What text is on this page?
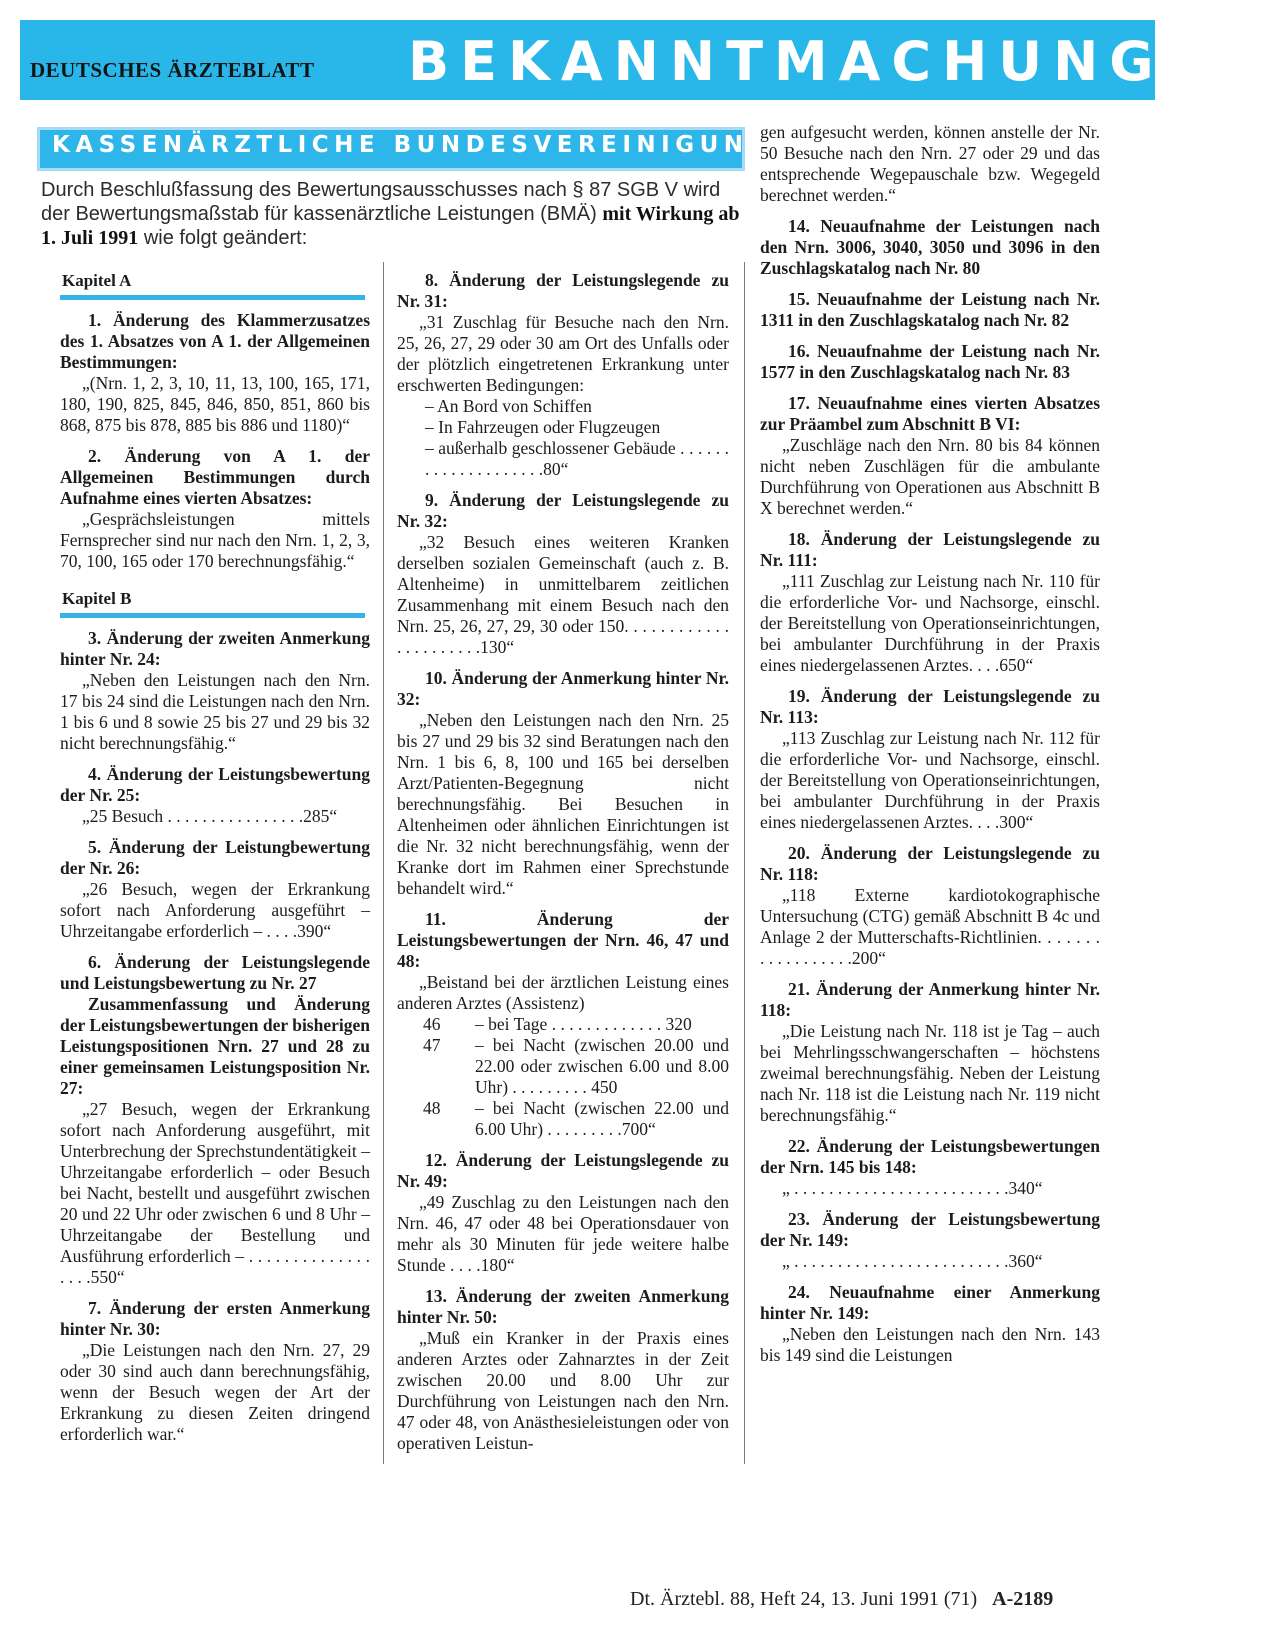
DEUTSCHES ÄRZTEBLATT BEKANNTMACHUNGEN
KASSENÄRZTLICHE BUNDESVEREINIGUNG
Durch Beschlußfassung des Bewertungsausschusses nach § 87 SGB V wird der Bewertungsmaßstab für kassenärztliche Leistungen (BMÄ) mit Wirkung ab 1. Juli 1991 wie folgt geändert:
Kapitel A

1. Änderung des Klammerzusatzes des 1. Absatzes von A 1. der Allgemeinen Bestimmungen:

„(Nrn. 1, 2, 3, 10, 11, 13, 100, 165, 171, 180, 190, 825, 845, 846, 850, 851, 860 bis 868, 875 bis 878, 885 bis 886 und 1180)“

2. Änderung von A 1. der Allgemeinen Bestimmungen durch Aufnahme eines vierten Absatzes:

„Gesprächsleistungen mittels Fernsprecher sind nur nach den Nrn. 1, 2, 3, 70, 100, 165 oder 170 berechnungsfähig.“

Kapitel B

3. Änderung der zweiten Anmerkung hinter Nr. 24:

„Neben den Leistungen nach den Nrn. 17 bis 24 sind die Leistungen nach den Nrn. 1 bis 6 und 8 sowie 25 bis 27 und 29 bis 32 nicht berechnungsfähig.“

4. Änderung der Leistungsbewertung der Nr. 25:

„25 Besuch . . . . . . . . . . . . . . . .285“

5. Änderung der Leistungbewertung der Nr. 26:

„26 Besuch, wegen der Erkrankung sofort nach Anforderung ausgeführt – Uhrzeitangabe erforderlich – . . . .390“

6. Änderung der Leistungslegende und Leistungsbewertung zu Nr. 27

Zusammenfassung und Änderung der Leistungsbewertungen der bisherigen Leistungspositionen Nrn. 27 und 28 zu einer gemeinsamen Leistungsposition Nr. 27:

„27 Besuch, wegen der Erkrankung sofort nach Anforderung ausgeführt, mit Unterbrechung der Sprechstundentätigkeit – Uhrzeitangabe erforderlich – oder Besuch bei Nacht, bestellt und ausgeführt zwischen 20 und 22 Uhr oder zwischen 6 und 8 Uhr – Uhrzeitangabe der Bestellung und Ausführung erforderlich – . . . . . . . . . . . . . . . . . .550“

7. Änderung der ersten Anmerkung hinter Nr. 30:

„Die Leistungen nach den Nrn. 27, 29 oder 30 sind auch dann berechnungsfähig, wenn der Besuch wegen der Art der Erkrankung zu diesen Zeiten dringend erforderlich war.“

8. Änderung der Leistungslegende zu Nr. 31:

„31 Zuschlag für Besuche nach den Nrn. 25, 26, 27, 29 oder 30 am Ort des Unfalls oder der plötzlich eingetretenen Erkrankung unter erschwerten Bedingungen:

– An Bord von Schiffen

– In Fahrzeugen oder Flugzeugen

– außerhalb geschlossener Gebäude . . . . . . . . . . . . . . . . . . . .80“

9. Änderung der Leistungslegende zu Nr. 32:

„32 Besuch eines weiteren Kranken derselben sozialen Gemeinschaft (auch z. B. Altenheime) in unmittelbarem zeitlichen Zusammenhang mit einem Besuch nach den Nrn. 25, 26, 27, 29, 30 oder 150. . . . . . . . . . . . . . . . . . . . . .130“

10. Änderung der Anmerkung hinter Nr. 32:

„Neben den Leistungen nach den Nrn. 25 bis 27 und 29 bis 32 sind Beratungen nach den Nrn. 1 bis 6, 8, 100 und 165 bei derselben Arzt/Patienten-Begegnung nicht berechnungsfähig. Bei Besuchen in Altenheimen oder ähnlichen Einrichtungen ist die Nr. 32 nicht berechnungsfähig, wenn der Kranke dort im Rahmen einer Sprechstunde behandelt wird.“

11. Änderung der Leistungsbewertungen der Nrn. 46, 47 und 48:

„Beistand bei der ärztlichen Leistung eines anderen Arztes (Assistenz)

46	– bei Tage . . . . . . . . . . . . . 320
47	– bei Nacht (zwischen 20.00 und 22.00 oder zwischen 6.00 und 8.00 Uhr) . . . . . . . . . 450
48	– bei Nacht (zwischen 22.00 und 6.00 Uhr) . . . . . . . . .700“

12. Änderung der Leistungslegende zu Nr. 49:

„49 Zuschlag zu den Leistungen nach den Nrn. 46, 47 oder 48 bei Operationsdauer von mehr als 30 Minuten für jede weitere halbe Stunde . . . .180“

13. Änderung der zweiten Anmerkung hinter Nr. 50:

„Muß ein Kranker in der Praxis eines anderen Arztes oder Zahnarztes in der Zeit zwischen 20.00 und 8.00 Uhr zur Durchführung von Leistungen nach den Nrn. 47 oder 48, von Anästhesieleistungen oder von operativen Leistun-

gen aufgesucht werden, können anstelle der Nr. 50 Besuche nach den Nrn. 27 oder 29 und das entsprechende Wegepauschale bzw. Wegegeld berechnet werden.“

14. Neuaufnahme der Leistungen nach den Nrn. 3006, 3040, 3050 und 3096 in den Zuschlagskatalog nach Nr. 80

15. Neuaufnahme der Leistung nach Nr. 1311 in den Zuschlagskatalog nach Nr. 82

16. Neuaufnahme der Leistung nach Nr. 1577 in den Zuschlagskatalog nach Nr. 83

17. Neuaufnahme eines vierten Absatzes zur Präambel zum Abschnitt B VI:

„Zuschläge nach den Nrn. 80 bis 84 können nicht neben Zuschlägen für die ambulante Durchführung von Operationen aus Abschnitt B X berechnet werden.“

18. Änderung der Leistungslegende zu Nr. 111:

„111 Zuschlag zur Leistung nach Nr. 110 für die erforderliche Vor- und Nachsorge, einschl. der Bereitstellung von Operationseinrichtungen, bei ambulanter Durchführung in der Praxis eines niedergelassenen Arztes. . . .650“

19. Änderung der Leistungslegende zu Nr. 113:

„113 Zuschlag zur Leistung nach Nr. 112 für die erforderliche Vor- und Nachsorge, einschl. der Bereitstellung von Operationseinrichtungen, bei ambulanter Durchführung in der Praxis eines niedergelassenen Arztes. . . .300“

20. Änderung der Leistungslegende zu Nr. 118:

„118 Externe kardiotokographische Untersuchung (CTG) gemäß Abschnitt B 4c und Anlage 2 der Mutterschafts-Richtlinien. . . . . . . . . . . . . . . . . .200“

21. Änderung der Anmerkung hinter Nr. 118:

„Die Leistung nach Nr. 118 ist je Tag – auch bei Mehrlingsschwangerschaften – höchstens zweimal berechnungsfähig. Neben der Leistung nach Nr. 118 ist die Leistung nach Nr. 119 nicht berechnungsfähig.“

22. Änderung der Leistungsbewertungen der Nrn. 145 bis 148:

„ . . . . . . . . . . . . . . . . . . . . . . . . .340“

23. Änderung der Leistungsbewertung der Nr. 149:

„ . . . . . . . . . . . . . . . . . . . . . . . . .360“

24. Neuaufnahme einer Anmerkung hinter Nr. 149:

„Neben den Leistungen nach den Nrn. 143 bis 149 sind die Leistungen

Dt. Ärztebl. 88, Heft 24, 13. Juni 1991 (71) A-2189
